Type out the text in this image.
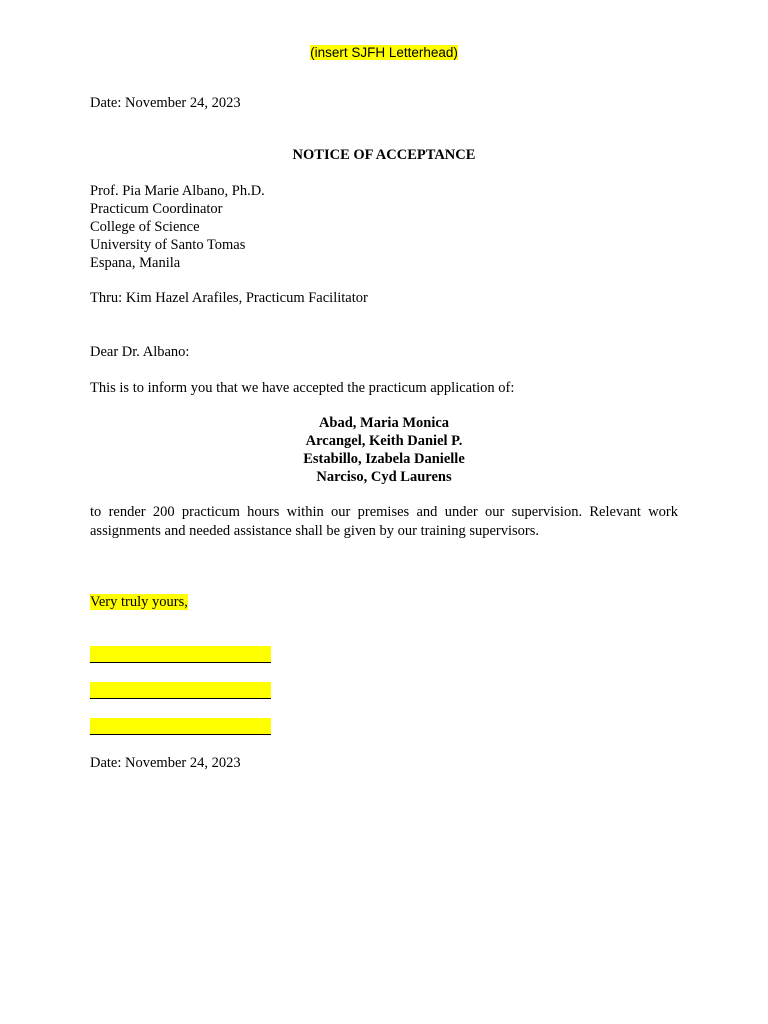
(insert SJFH Letterhead)
Date: November 24, 2023
NOTICE OF ACCEPTANCE
Prof. Pia Marie Albano, Ph.D.
Practicum Coordinator
College of Science
University of Santo Tomas
Espana, Manila
Thru: Kim Hazel Arafiles, Practicum Facilitator
Dear Dr. Albano:
This is to inform you that we have accepted the practicum application of:
Abad, Maria Monica
Arcangel, Keith Daniel P.
Estabillo, Izabela Danielle
Narciso, Cyd Laurens
to render 200 practicum hours within our premises and under our supervision. Relevant work assignments and needed assistance shall be given by our training supervisors.
Very truly yours,
Date: November 24, 2023
